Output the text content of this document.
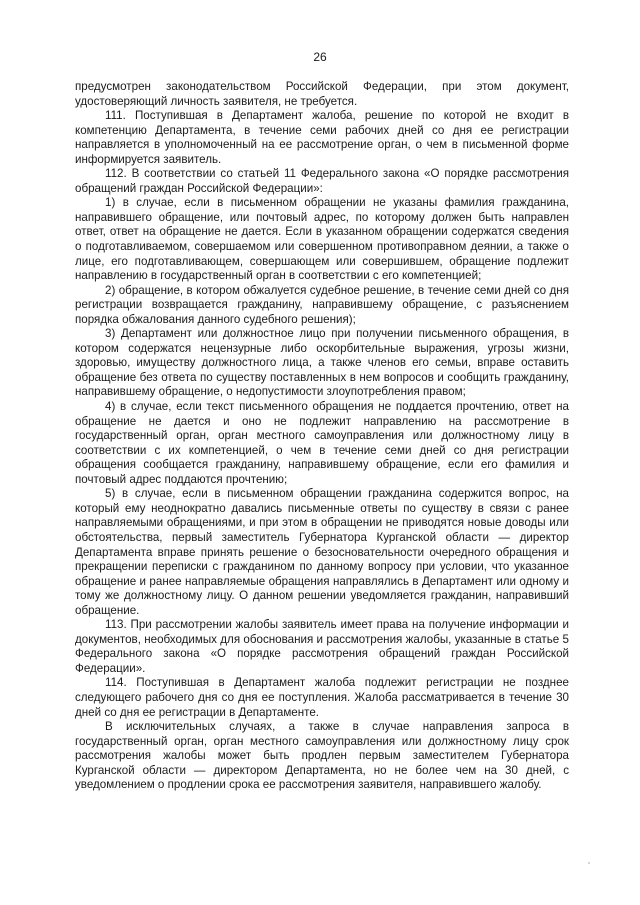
26

предусмотрен законодательством Российской Федерации, при этом документ, удостоверяющий личность заявителя, не требуется.

111. Поступившая в Департамент жалоба, решение по которой не входит в компетенцию Департамента, в течение семи рабочих дней со дня ее регистрации направляется в уполномоченный на ее рассмотрение орган, о чем в письменной форме информируется заявитель.

112. В соответствии со статьей 11 Федерального закона «О порядке рассмотрения обращений граждан Российской Федерации»:

1) в случае, если в письменном обращении не указаны фамилия гражданина, направившего обращение, или почтовый адрес, по которому должен быть направлен ответ, ответ на обращение не дается. Если в указанном обращении содержатся сведения о подготавливаемом, совершаемом или совершенном противоправном деянии, а также о лице, его подготавливающем, совершающем или совершившем, обращение подлежит направлению в государственный орган в соответствии с его компетенцией;

2) обращение, в котором обжалуется судебное решение, в течение семи дней со дня регистрации возвращается гражданину, направившему обращение, с разъяснением порядка обжалования данного судебного решения);

3) Департамент или должностное лицо при получении письменного обращения, в котором содержатся нецензурные либо оскорбительные выражения, угрозы жизни, здоровью, имуществу должностного лица, а также членов его семьи, вправе оставить обращение без ответа по существу поставленных в нем вопросов и сообщить гражданину, направившему обращение, о недопустимости злоупотребления правом;

4) в случае, если текст письменного обращения не поддается прочтению, ответ на обращение не дается и оно не подлежит направлению на рассмотрение в государственный орган, орган местного самоуправления или должностному лицу в соответствии с их компетенцией, о чем в течение семи дней со дня регистрации обращения сообщается гражданину, направившему обращение, если его фамилия и почтовый адрес поддаются прочтению;

5) в случае, если в письменном обращении гражданина содержится вопрос, на который ему неоднократно давались письменные ответы по существу в связи с ранее направляемыми обращениями, и при этом в обращении не приводятся новые доводы или обстоятельства, первый заместитель Губернатора Курганской области — директор Департамента вправе принять решение о безосновательности очередного обращения и прекращении переписки с гражданином по данному вопросу при условии, что указанное обращение и ранее направляемые обращения направлялись в Департамент или одному и тому же должностному лицу. О данном решении уведомляется гражданин, направивший обращение.

113. При рассмотрении жалобы заявитель имеет права на получение информации и документов, необходимых для обоснования и рассмотрения жалобы, указанные в статье 5 Федерального закона «О порядке рассмотрения обращений граждан Российской Федерации».

114. Поступившая в Департамент жалоба подлежит регистрации не позднее следующего рабочего дня со дня ее поступления. Жалоба рассматривается в течение 30 дней со дня ее регистрации в Департаменте.

В исключительных случаях, а также в случае направления запроса в государственный орган, орган местного самоуправления или должностному лицу срок рассмотрения жалобы может быть продлен первым заместителем Губернатора Курганской области — директором Департамента, но не более чем на 30 дней, с уведомлением о продлении срока ее рассмотрения заявителя, направившего жалобу.
